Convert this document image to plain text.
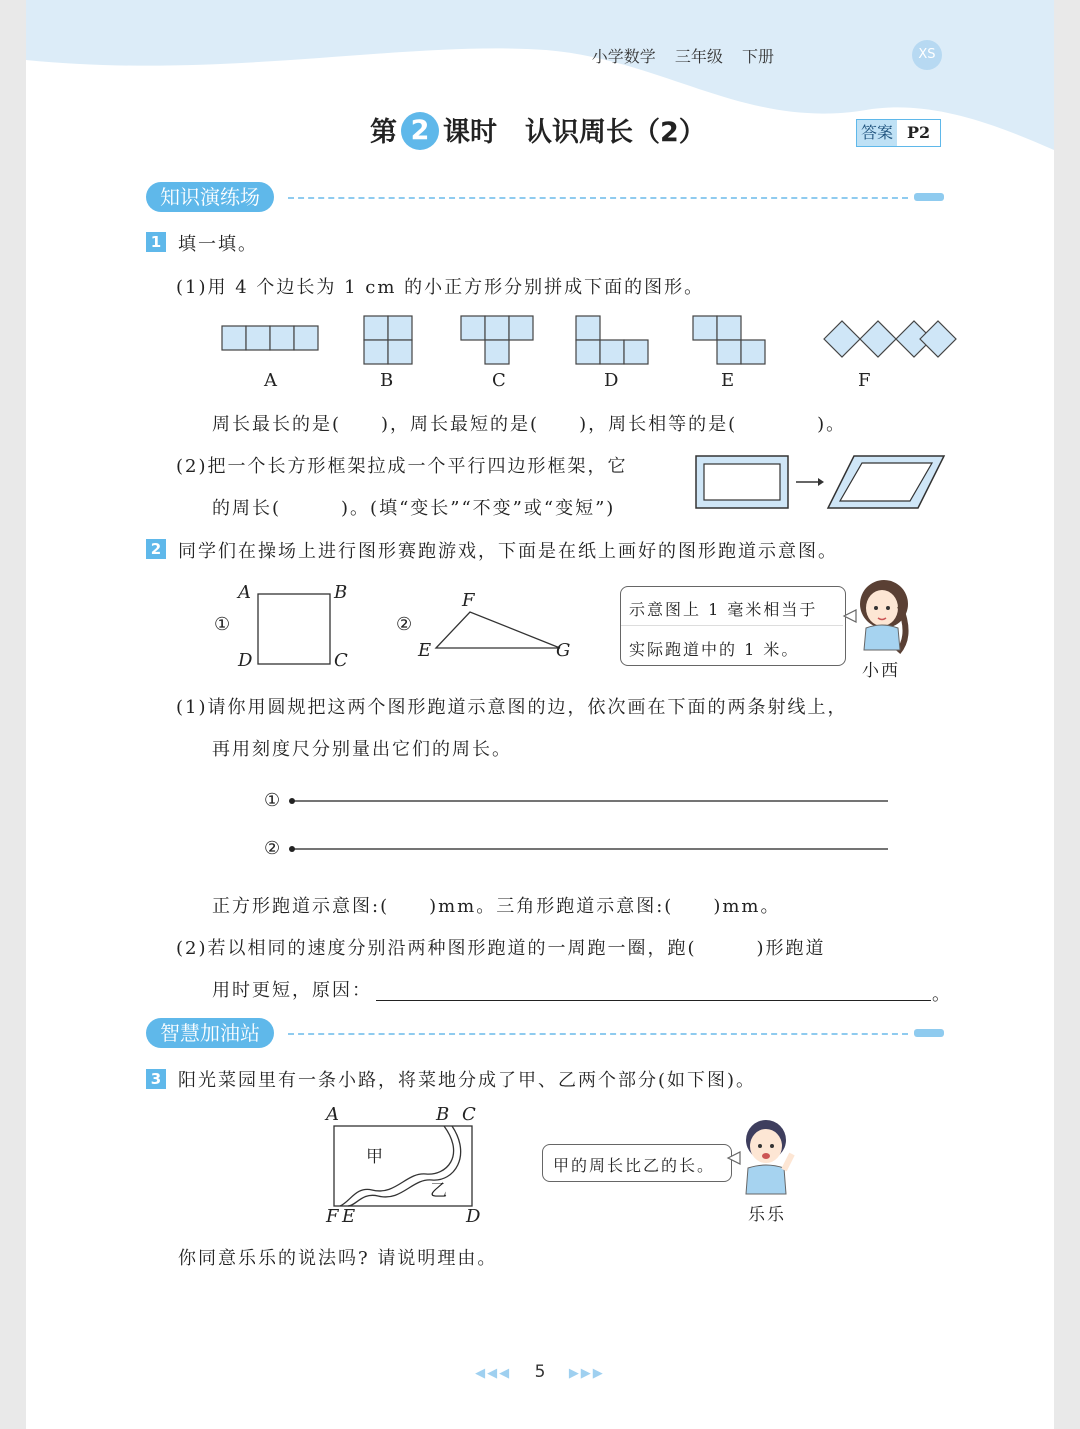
小学数学 三年级 下册	XS
第 2 课时 认识周长（2）	答案 P2
知识演练场
1 填一填。
(1)用 4 个边长为 1 cm 的小正方形分别拼成下面的图形。
A	B	C	D	E	F
周长最长的是(　　)，周长最短的是(　　)，周长相等的是(　　　　)。
(2)把一个长方形框架拉成一个平行四边形框架，它
的周长(　　　)。(填“变长”“不变”或“变短”)
2 同学们在操场上进行图形赛跑游戏，下面是在纸上画好的图形跑道示意图。
①
A	B
C
D
②
F
E	G
示意图上 1 毫米相当于
实际跑道中的 1 米。
小西
(1)请你用圆规把这两个图形跑道示意图的边，依次画在下面的两条射线上，
再用刻度尺分别量出它们的周长。
①
②
正方形跑道示意图:(　　)mm。三角形跑道示意图:(　　)mm。
(2)若以相同的速度分别沿两种图形跑道的一周跑一圈，跑(　　　)形跑道
用时更短，原因：	。
智慧加油站
3 阳光菜园里有一条小路，将菜地分成了甲、乙两个部分(如下图)。
A	B C
F E	D
甲
乙
甲的周长比乙的长。
乐乐
你同意乐乐的说法吗? 请说明理由。
◀◀◀ 5 ▶▶▶
